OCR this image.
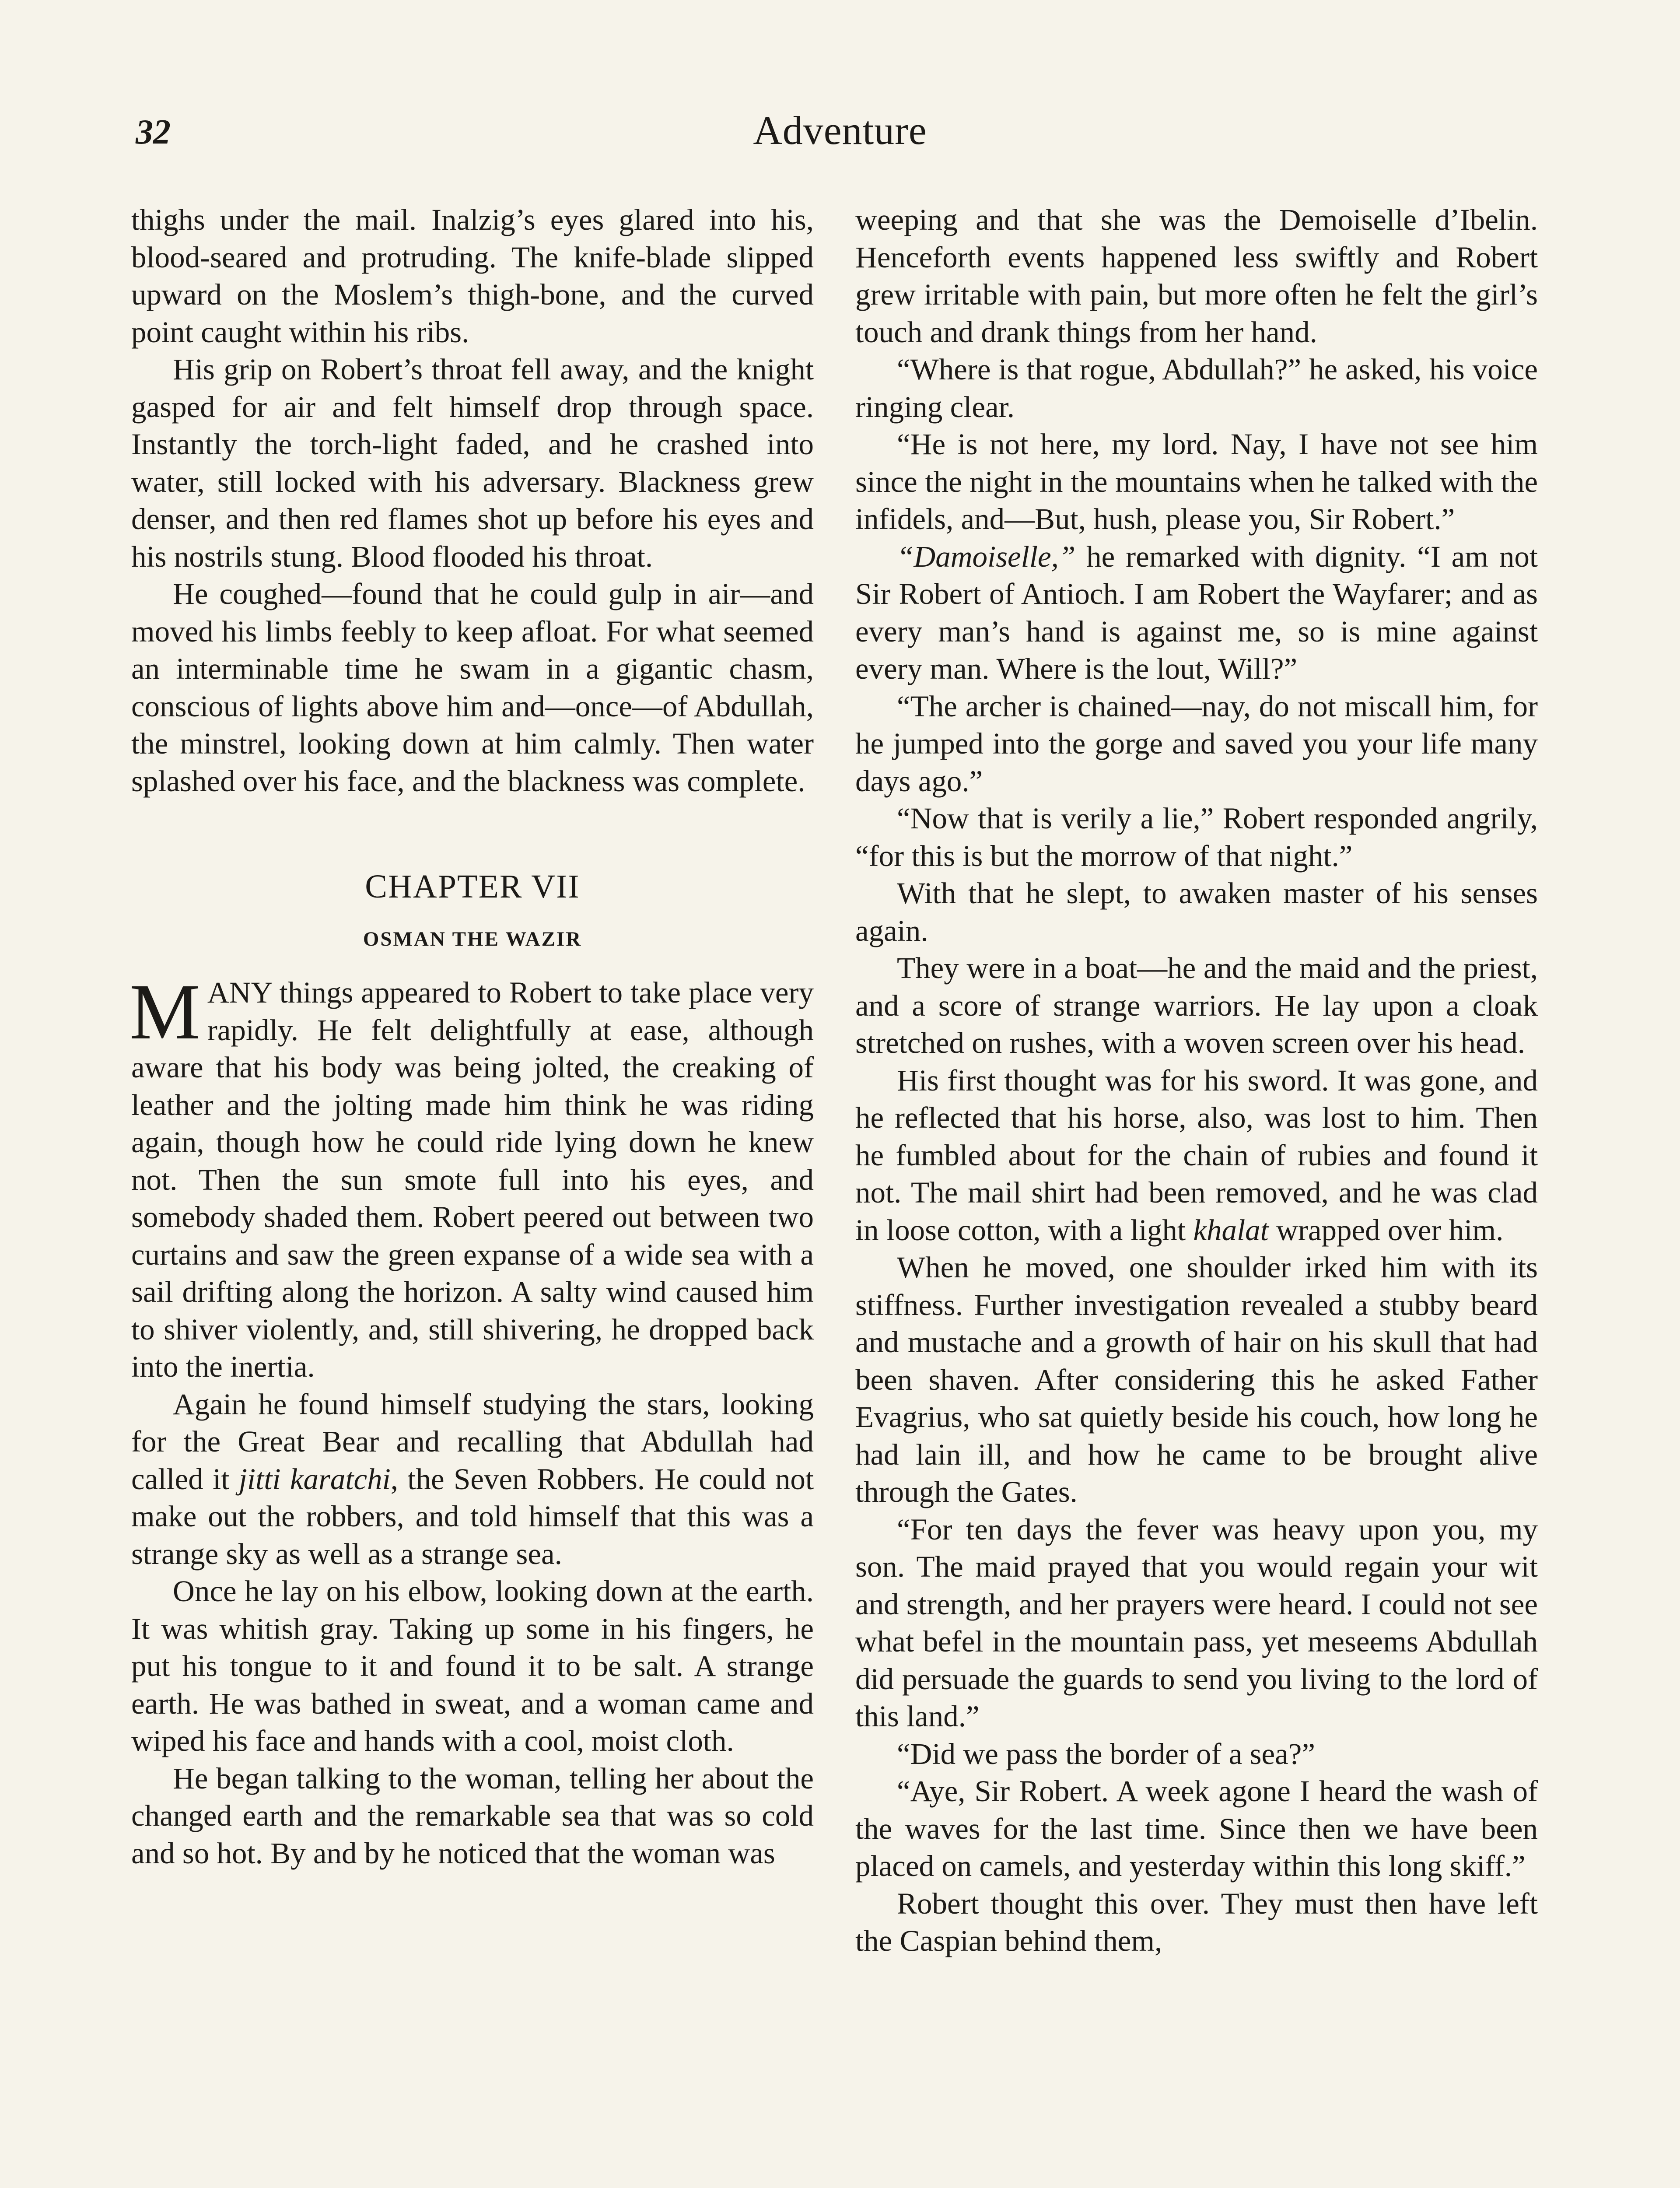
32	Adventure

thighs under the mail. Inalzig’s eyes glared into his, blood-seared and protruding. The knife-blade slipped upward on the Moslem’s thigh-bone, and the curved point caught within his ribs.

His grip on Robert’s throat fell away, and the knight gasped for air and felt himself drop through space. Instantly the torch-light faded, and he crashed into water, still locked with his adversary. Blackness grew denser, and then red flames shot up before his eyes and his nostrils stung. Blood flooded his throat.

He coughed—found that he could gulp in air—and moved his limbs feebly to keep afloat. For what seemed an interminable time he swam in a gigantic chasm, conscious of lights above him and—once—of Abdullah, the minstrel, looking down at him calmly. Then water splashed over his face, and the blackness was complete.

CHAPTER VII
OSMAN THE WAZIR

MANY things appeared to Robert to take place very rapidly. He felt delightfully at ease, although aware that his body was being jolted, the creaking of leather and the jolting made him think he was riding again, though how he could ride lying down he knew not. Then the sun smote full into his eyes, and somebody shaded them. Robert peered out between two curtains and saw the green expanse of a wide sea with a sail drifting along the horizon. A salty wind caused him to shiver violently, and, still shivering, he dropped back into the inertia.

Again he found himself studying the stars, looking for the Great Bear and recalling that Abdullah had called it jitti karatchi, the Seven Robbers. He could not make out the robbers, and told himself that this was a strange sky as well as a strange sea.

Once he lay on his elbow, looking down at the earth. It was whitish gray. Taking up some in his fingers, he put his tongue to it and found it to be salt. A strange earth. He was bathed in sweat, and a woman came and wiped his face and hands with a cool, moist cloth.

He began talking to the woman, telling her about the changed earth and the remarkable sea that was so cold and so hot. By and by he noticed that the woman was

weeping and that she was the Demoiselle d’Ibelin. Henceforth events happened less swiftly and Robert grew irritable with pain, but more often he felt the girl’s touch and drank things from her hand.

“Where is that rogue, Abdullah?” he asked, his voice ringing clear.

“He is not here, my lord. Nay, I have not see him since the night in the mountains when he talked with the infidels, and—But, hush, please you, Sir Robert.”

“Damoiselle,” he remarked with dignity. “I am not Sir Robert of Antioch. I am Robert the Wayfarer; and as every man’s hand is against me, so is mine against every man. Where is the lout, Will?”

“The archer is chained—nay, do not miscall him, for he jumped into the gorge and saved you your life many days ago.”

“Now that is verily a lie,” Robert responded angrily, “for this is but the morrow of that night.”

With that he slept, to awaken master of his senses again.

They were in a boat—he and the maid and the priest, and a score of strange warriors. He lay upon a cloak stretched on rushes, with a woven screen over his head.

His first thought was for his sword. It was gone, and he reflected that his horse, also, was lost to him. Then he fumbled about for the chain of rubies and found it not. The mail shirt had been removed, and he was clad in loose cotton, with a light khalat wrapped over him.

When he moved, one shoulder irked him with its stiffness. Further investigation revealed a stubby beard and mustache and a growth of hair on his skull that had been shaven. After considering this he asked Father Evagrius, who sat quietly beside his couch, how long he had lain ill, and how he came to be brought alive through the Gates.

“For ten days the fever was heavy upon you, my son. The maid prayed that you would regain your wit and strength, and her prayers were heard. I could not see what befel in the mountain pass, yet meseems Abdullah did persuade the guards to send you living to the lord of this land.”

“Did we pass the border of a sea?”

“Aye, Sir Robert. A week agone I heard the wash of the waves for the last time. Since then we have been placed on camels, and yesterday within this long skiff.”

Robert thought this over. They must then have left the Caspian behind them,
